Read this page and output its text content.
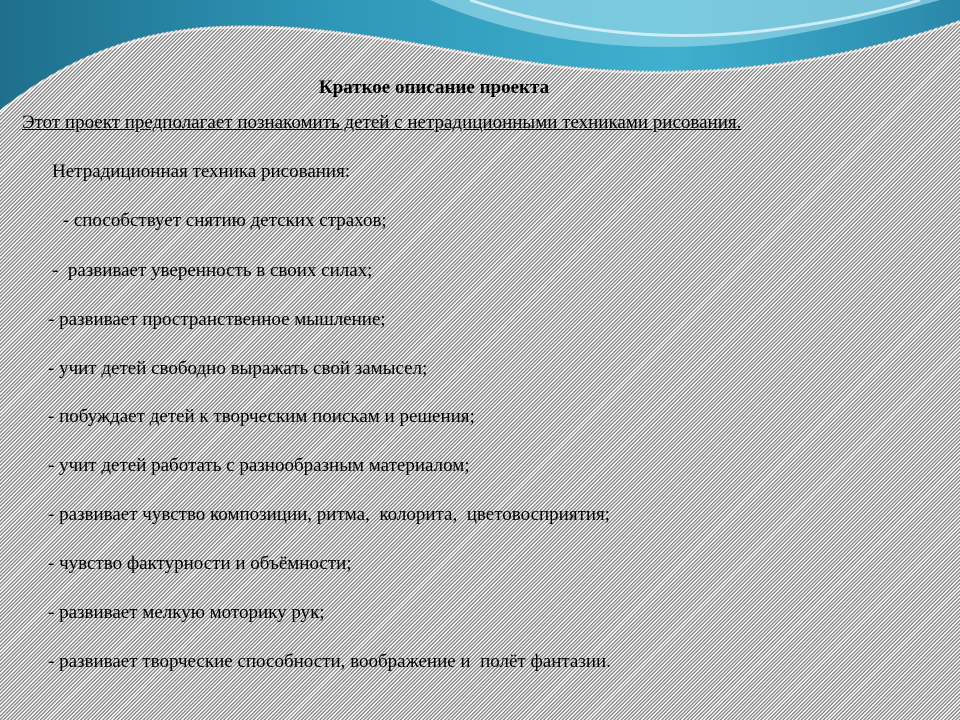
Краткое описание проекта

Этот проект предполагает познакомить детей с нетрадиционными техниками рисования.

Нетрадиционная техника рисования:

- способствует снятию детских страхов;
-  развивает уверенность в своих силах;
- развивает пространственное мышление;
- учит детей свободно выражать свой замысел;
- побуждает детей к творческим поискам и решения;
- учит детей работать с разнообразным материалом;
- развивает чувство композиции, ритма,  колорита,  цветовосприятия;
- чувство фактурности и объёмности;
- развивает мелкую моторику рук;
- развивает творческие способности, воображение и  полёт фантазии.
